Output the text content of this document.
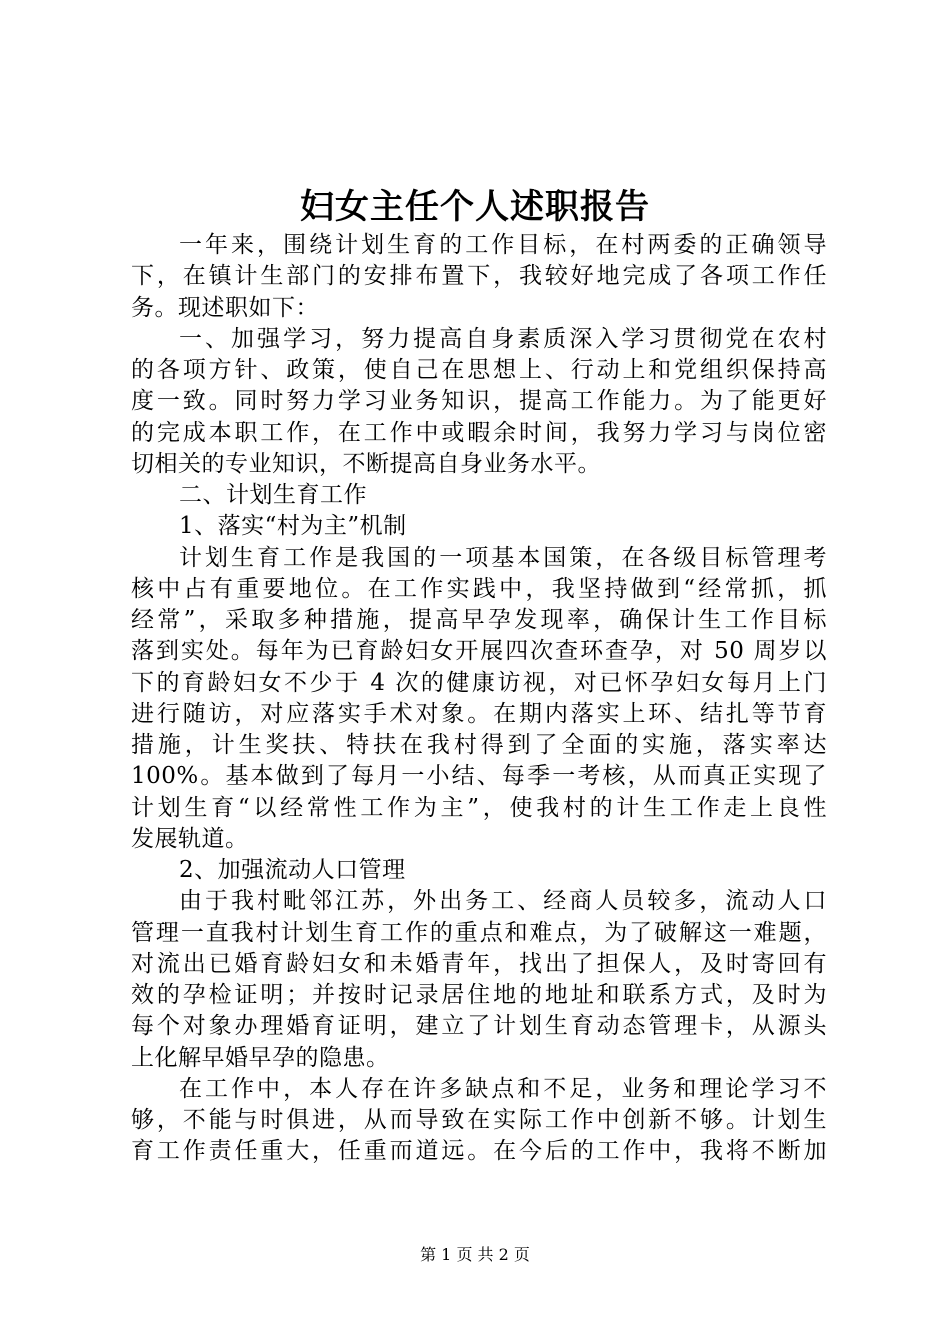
妇女主任个人述职报告
一年来，围绕计划生育的工作目标，在村两委的正确领导
下，在镇计生部门的安排布置下，我较好地完成了各项工作任
务。现述职如下：
一、加强学习，努力提高自身素质深入学习贯彻党在农村
的各项方针、政策，使自己在思想上、行动上和党组织保持高
度一致。同时努力学习业务知识，提高工作能力。为了能更好
的完成本职工作，在工作中或暇余时间，我努力学习与岗位密
切相关的专业知识，不断提高自身业务水平。
二、计划生育工作
1、落实“村为主”机制
计划生育工作是我国的一项基本国策，在各级目标管理考
核中占有重要地位。在工作实践中，我坚持做到“经常抓，抓
经常”，采取多种措施，提高早孕发现率，确保计生工作目标
落到实处。每年为已育龄妇女开展四次查环查孕，对 50 周岁以
下的育龄妇女不少于 4 次的健康访视，对已怀孕妇女每月上门
进行随访，对应落实手术对象。在期内落实上环、结扎等节育
措施，计生奖扶、特扶在我村得到了全面的实施，落实率达
100%。基本做到了每月一小结、每季一考核，从而真正实现了
计划生育“以经常性工作为主”，使我村的计生工作走上良性
发展轨道。
2、加强流动人口管理
由于我村毗邻江苏，外出务工、经商人员较多，流动人口
管理一直我村计划生育工作的重点和难点，为了破解这一难题，
对流出已婚育龄妇女和未婚青年，找出了担保人，及时寄回有
效的孕检证明；并按时记录居住地的地址和联系方式，及时为
每个对象办理婚育证明，建立了计划生育动态管理卡，从源头
上化解早婚早孕的隐患。
在工作中，本人存在许多缺点和不足，业务和理论学习不
够，不能与时俱进，从而导致在实际工作中创新不够。计划生
育工作责任重大，任重而道远。在今后的工作中，我将不断加
第 1 页 共 2 页
